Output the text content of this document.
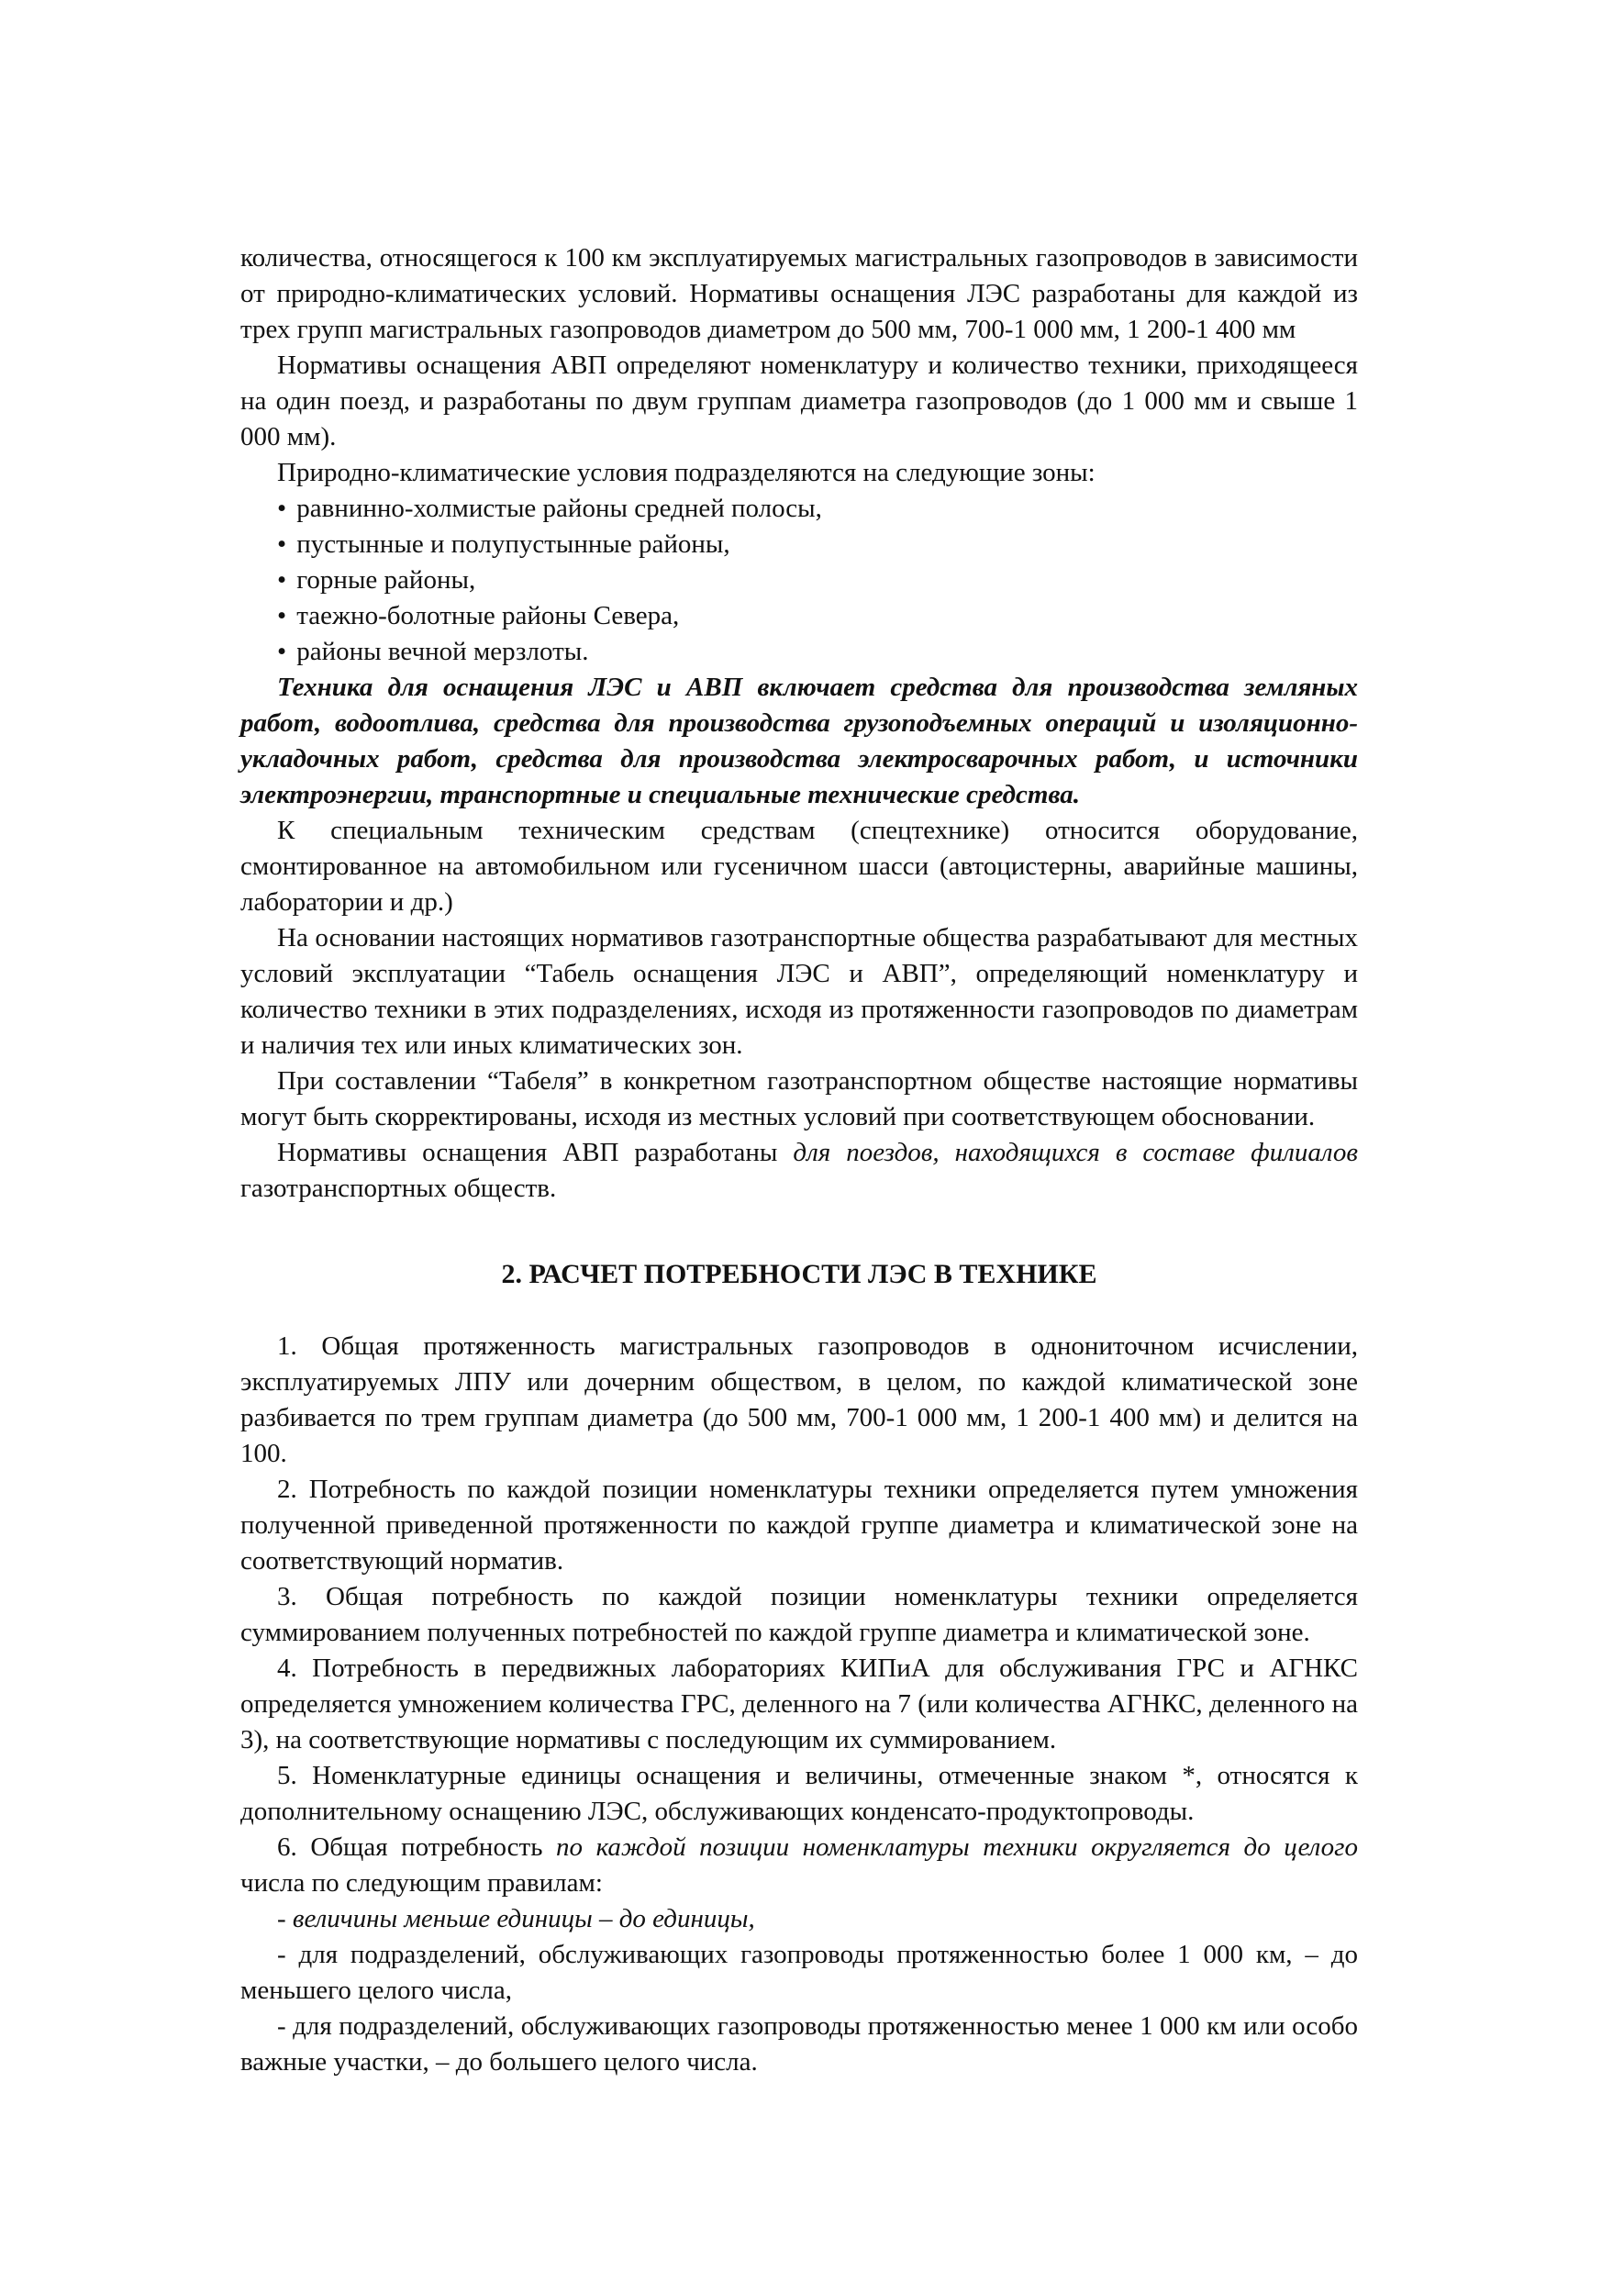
количества, относящегося к 100 км эксплуатируемых магистральных газопроводов в зависимости от природно-климатических условий. Нормативы оснащения ЛЭС разработаны для каждой из трех групп магистральных газопроводов диаметром до 500 мм, 700-1 000 мм, 1 200-1 400 мм

Нормативы оснащения АВП определяют номенклатуру и количество техники, приходящееся на один поезд, и разработаны по двум группам диаметра газопроводов (до 1 000 мм и свыше 1 000 мм).

Природно-климатические условия подразделяются на следующие зоны:

• равнинно-холмистые районы средней полосы,
• пустынные и полупустынные районы,
• горные районы,
• таежно-болотные районы Севера,
• районы вечной мерзлоты.

Техника для оснащения ЛЭС и АВП включает средства для производства земляных работ, водоотлива, средства для производства грузоподъемных операций и изоляционно-укладочных работ, средства для производства электросварочных работ, и источники электроэнергии, транспортные и специальные технические средства.

К специальным техническим средствам (спецтехнике) относится оборудование, смонтированное на автомобильном или гусеничном шасси (автоцистерны, аварийные машины, лаборатории и др.)

На основании настоящих нормативов газотранспортные общества разрабатывают для местных условий эксплуатации “Табель оснащения ЛЭС и АВП”, определяющий номенклатуру и количество техники в этих подразделениях, исходя из протяженности газопроводов по диаметрам и наличия тех или иных климатических зон.

При составлении “Табеля” в конкретном газотранспортном обществе настоящие нормативы могут быть скорректированы, исходя из местных условий при соответствующем обосновании.

Нормативы оснащения АВП разработаны для поездов, находящихся в составе филиалов газотранспортных обществ.

2. РАСЧЕТ ПОТРЕБНОСТИ ЛЭС В ТЕХНИКЕ

1. Общая протяженность магистральных газопроводов в однониточном исчислении, эксплуатируемых ЛПУ или дочерним обществом, в целом, по каждой климатической зоне разбивается по трем группам диаметра (до 500 мм, 700-1 000 мм, 1 200-1 400 мм) и делится на 100.

2. Потребность по каждой позиции номенклатуры техники определяется путем умножения полученной приведенной протяженности по каждой группе диаметра и климатической зоне на соответствующий норматив.

3. Общая потребность по каждой позиции номенклатуры техники определяется суммированием полученных потребностей по каждой группе диаметра и климатической зоне.

4. Потребность в передвижных лабораториях КИПиА для обслуживания ГРС и АГНКС определяется умножением количества ГРС, деленного на 7 (или количества АГНКС, деленного на 3), на соответствующие нормативы с последующим их суммированием.

5. Номенклатурные единицы оснащения и величины, отмеченные знаком *, относятся к дополнительному оснащению ЛЭС, обслуживающих конденсато-продуктопроводы.

6. Общая потребность по каждой позиции номенклатуры техники округляется до целого числа по следующим правилам:

- величины меньше единицы – до единицы,

- для подразделений, обслуживающих газопроводы протяженностью более 1 000 км, – до меньшего целого числа,

- для подразделений, обслуживающих газопроводы протяженностью менее 1 000 км или особо важные участки, – до большего целого числа.
